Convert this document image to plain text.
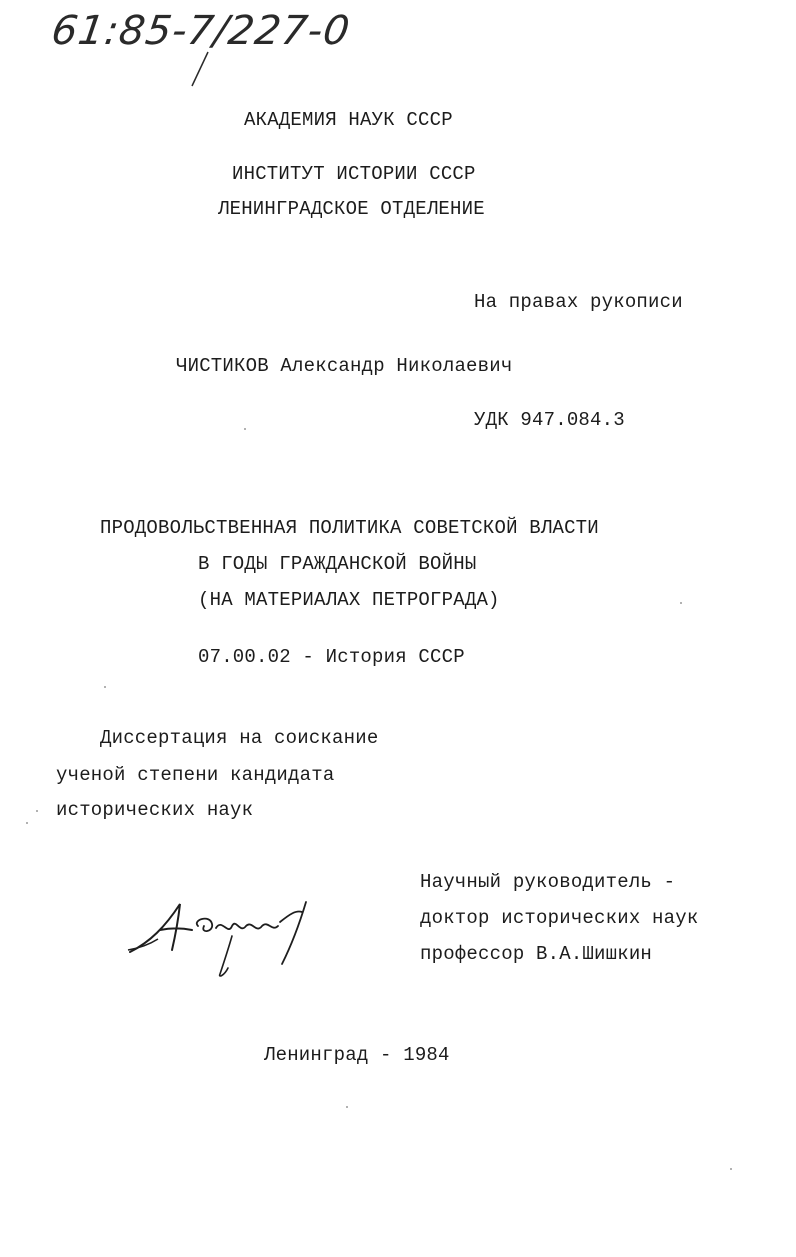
61:85-7/227-0
АКАДЕМИЯ НАУК СССР
ИНСТИТУТ ИСТОРИИ СССР
ЛЕНИНГРАДСКОЕ ОТДЕЛЕНИЕ
На правах рукописи
ЧИСТИКОВ Александр Николаевич
УДК 947.084.3
ПРОДОВОЛЬСТВЕННАЯ ПОЛИТИКА СОВЕТСКОЙ ВЛАСТИ
В ГОДЫ ГРАЖДАНСКОЙ ВОЙНЫ
(НА МАТЕРИАЛАХ ПЕТРОГРАДА)
07.00.02 - История СССР
Диссертация на соискание
ученой степени кандидата
исторических наук
Научный руководитель -
доктор исторических наук
профессор В.А.Шишкин
Ленинград - 1984
